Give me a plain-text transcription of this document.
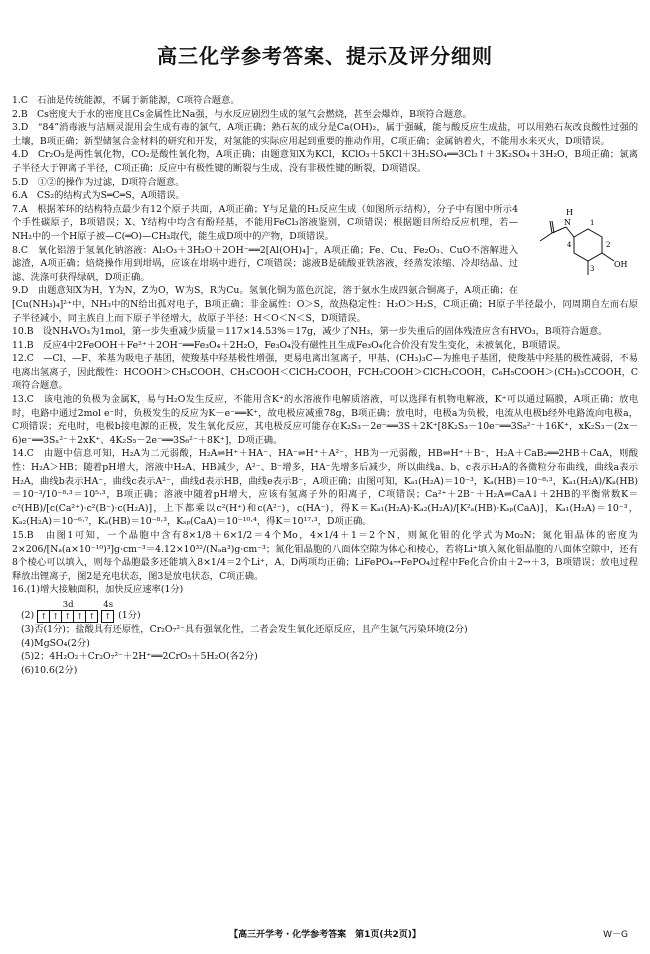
高三化学参考答案、提示及评分细则

1.C　石油是传统能源，不属于新能源，C项符合题意。

2.B　Cs密度大于水的密度且Cs金属性比Na强，与水反应剧烈生成的氢气会燃烧，甚至会爆炸，B项符合题意。

3.D　“84”消毒液与洁厕灵混用会生成有毒的氯气，A项正确；熟石灰的成分是Ca(OH)₂，属于强碱，能与酸反应生成盐，可以用熟石灰改良酸性过强的土壤，B项正确；新型储氢合金材料的研究和开发，对氢能的实际应用起到重要的推动作用，C项正确；金属钠着火，不能用水来灭火，D项错误。

4.D　Cr₂O₃是两性氧化物，CO₂是酸性氧化物，A项正确；由题意知X为KCl，KClO₃＋5KCl＋3H₂SO₄══3Cl₂↑＋3K₂SO₄＋3H₂O，B项正确；氯离子半径大于钾离子半径，C项正确；反应中有极性键的断裂与生成、没有非极性键的断裂，D项错误。

5.D　①②的操作为过滤，D项符合题意。

6.A　CS₂的结构式为S═C═S，A项错误。

H
N
OH
1
2
3
4

7.A　根据苯环的结构特点最少有12个原子共面，A项正确；Y与足量的H₂反应生成（如图所示结构），分子中有图中所示4个手性碳原子，B项错误；X、Y结构中均含有酚羟基，不能用FeCl₃溶液鉴别，C项错误；根据题目所给反应机理，若—NH₂中的一个H原子被—C(═O)—CH₃取代，能生成D项中的产物，D项错误。

8.C　氧化铝溶于氢氧化钠溶液：Al₂O₃＋3H₂O＋2OH⁻══2[Al(OH)₄]⁻，A项正确；Fe、Cu、Fe₂O₃、CuO不溶解进入滤渣，A项正确；焙烧操作用到坩埚，应该在坩埚中进行，C项错误；滤液B是硫酸亚铁溶液，经蒸发浓缩、冷却结晶、过滤、洗涤可获得绿矾，D项正确。

9.D　由题意知X为H，Y为N，Z为O，W为S，R为Cu。氢氧化铜为蓝色沉淀，溶于氨水生成四氨合铜离子，A项正确；在[Cu(NH₃)₄]²⁺中，NH₃中的N给出孤对电子，B项正确；非金属性：O＞S，故热稳定性：H₂O＞H₂S，C项正确；H原子半径最小，同周期自左而右原子半径减小，同主族自上而下原子半径增大，故原子半径：H＜O＜N＜S，D项错误。

10.B　设NH₄VO₃为1mol，第一步失重减少质量＝117×14.53%＝17g，减少了NH₃，第一步失重后的固体残渣应含有HVO₃，B项符合题意。

11.B　反应4中2FeOOH＋Fe²⁺＋2OH⁻══Fe₃O₄＋2H₂O，Fe₃O₄没有磁性且生成Fe₃O₄化合价没有发生变化，未被氧化，B项错误。

12.C　—Cl、—F、苯基为吸电子基团，使羧基中羟基极性增强，更易电离出氢离子，甲基、(CH₃)₃C—为推电子基团，使羧基中羟基的极性减弱，不易电离出氢离子，因此酸性：HCOOH＞CH₃COOH、CH₃COOH＜ClCH₂COOH，FCH₂COOH＞ClCH₂COOH，C₆H₅COOH＞(CH₃)₃CCOOH，C项符合题意。

13.C　该电池的负极为金属K，易与H₂O发生反应，不能用含K⁺的水溶液作电解质溶液，可以选择有机物电解液，K⁺可以通过隔膜，A项正确；放电时，电路中通过2mol e⁻时，负极发生的反应为K－e⁻══K⁺，故电极应减重78g，B项正确；放电时，电极a为负极，电流从电极b经外电路流向电极a，C项错误；充电时，电极b接电源的正极，发生氧化反应，其电极反应可能存在K₂S₃－2e⁻══3S＋2K⁺[8K₂S₃－10e⁻══3S₈²⁻＋16K⁺，xK₂S₃－(2x－6)e⁻══3Sₓ²⁻＋2xK⁺、4K₂S₅－2e⁻══3S₆²⁻＋8K⁺]，D项正确。

14.C　由题中信息可知，H₂A为二元弱酸，H₂A⇌H⁺＋HA⁻、HA⁻⇌H⁺＋A²⁻，HB为一元弱酸，HB⇌H⁺＋B⁻，H₂A＋CaB₂══2HB＋CaA，则酸性：H₂A＞HB；随着pH增大，溶液中H₂A、HB减少，A²⁻、B⁻增多，HA⁻先增多后减少，所以曲线a、b、c表示H₂A的各微粒分布曲线，曲线a表示H₂A，曲线b表示HA⁻，曲线c表示A²⁻，曲线d表示HB，曲线e表示B⁻，A项正确；由图可知，Kₐ₁(H₂A)＝10⁻³，Kₐ(HB)＝10⁻⁸·³，Kₐ₁(H₂A)/Kₐ(HB)＝10⁻³/10⁻⁸·³＝10⁵·³，B项正确；溶液中随着pH增大，应该有氢离子外的阳离子，C项错误；Ca²⁺＋2B⁻＋H₂A⇌CaA↓＋2HB的平衡常数K＝c²(HB)/[c(Ca²⁺)·c²(B⁻)·c(H₂A)]，上下都乘以c²(H⁺)和c(A²⁻)，c(HA⁻)，得K＝Kₐ₁(H₂A)·Kₐ₂(H₂A)/[K²ₐ(HB)·Kₛₚ(CaA)]，Kₐ₁(H₂A)＝10⁻³，Kₐ₂(H₂A)＝10⁻⁶·⁷，Kₐ(HB)＝10⁻⁸·³，Kₛₚ(CaA)＝10⁻¹⁰·⁴，得K＝10¹⁷·³，D项正确。

15.B　由图1可知，一个晶胞中含有8×1/8＋6×1/2＝4个Mo，4×1/4＋1＝2个N，则氮化钼的化学式为Mo₂N；氮化钼晶体的密度为2×206/[Nₐ(a×10⁻¹⁰)³]g·cm⁻³＝4.12×10³²/(Nₐa³)g·cm⁻³；氮化钼晶胞的八面体空隙为体心和棱心，若将Li⁺填入氮化钼晶胞的八面体空隙中，还有8个棱心可以填入，则每个晶胞最多还能填入8×1/4＝2个Li⁺，A、D两项均正确；LiFePO₄→FePO₄过程中Fe化合价由＋2→＋3，B项错误；放电过程释放出锂离子，图2是充电状态，图3是放电状态，C项正确。

16.(1)增大接触面积，加快反应速率(1分)

(2)
3d
↑ ↑ ↑ ↑ ↑
4s
↑ (1分)

(3)否(1分)；盐酸具有还原性，Cr₂O₇²⁻具有强氧化性，二者会发生氧化还原反应，且产生氯气污染环境(2分)

(4)MgSO₄(2分)

(5)2；4H₂O₂＋Cr₂O₇²⁻＋2H⁺══2CrO₅＋5H₂O(各2分)

(6)10.6(2分)

【高三开学考・化学参考答案　第1页(共2页)】	W－G
